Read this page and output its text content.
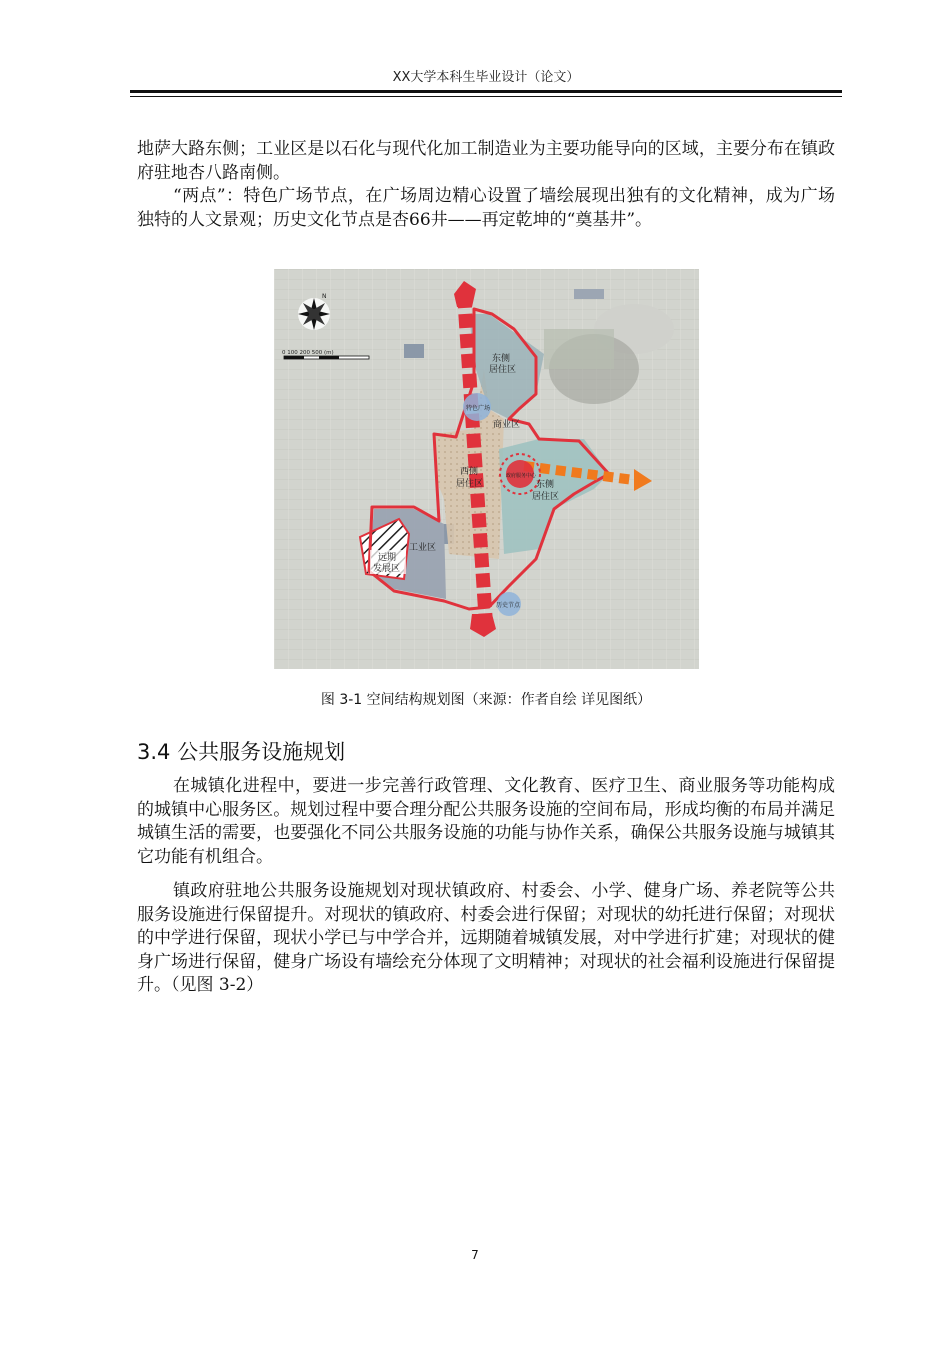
XX大学本科生毕业设计（论文）
地萨大路东侧；工业区是以石化与现代化加工制造业为主要功能导向的区域，主要分布在镇政府驻地杏八路南侧。
“两点”：特色广场节点，在广场周边精心设置了墙绘展现出独有的文化精神，成为广场独特的人文景观；历史文化节点是杏66井——再定乾坤的“奠基井”。
东侧
居住区
特色广场
商业区
西侧
居住区
政府服务中心
东侧
居住区
工业区
远期
发展区
历史节点
N
0 100 200 500 (m)
图 3-1 空间结构规划图（来源：作者自绘 详见图纸）
3.4 公共服务设施规划
在城镇化进程中，要进一步完善行政管理、文化教育、医疗卫生、商业服务等功能构成的城镇中心服务区。规划过程中要合理分配公共服务设施的空间布局，形成均衡的布局并满足城镇生活的需要，也要强化不同公共服务设施的功能与协作关系，确保公共服务设施与城镇其它功能有机组合。
镇政府驻地公共服务设施规划对现状镇政府、村委会、小学、健身广场、养老院等公共服务设施进行保留提升。对现状的镇政府、村委会进行保留；对现状的幼托进行保留；对现状的中学进行保留，现状小学已与中学合并，远期随着城镇发展，对中学进行扩建；对现状的健身广场进行保留，健身广场设有墙绘充分体现了文明精神；对现状的社会福利设施进行保留提升。（见图 3-2）
7
